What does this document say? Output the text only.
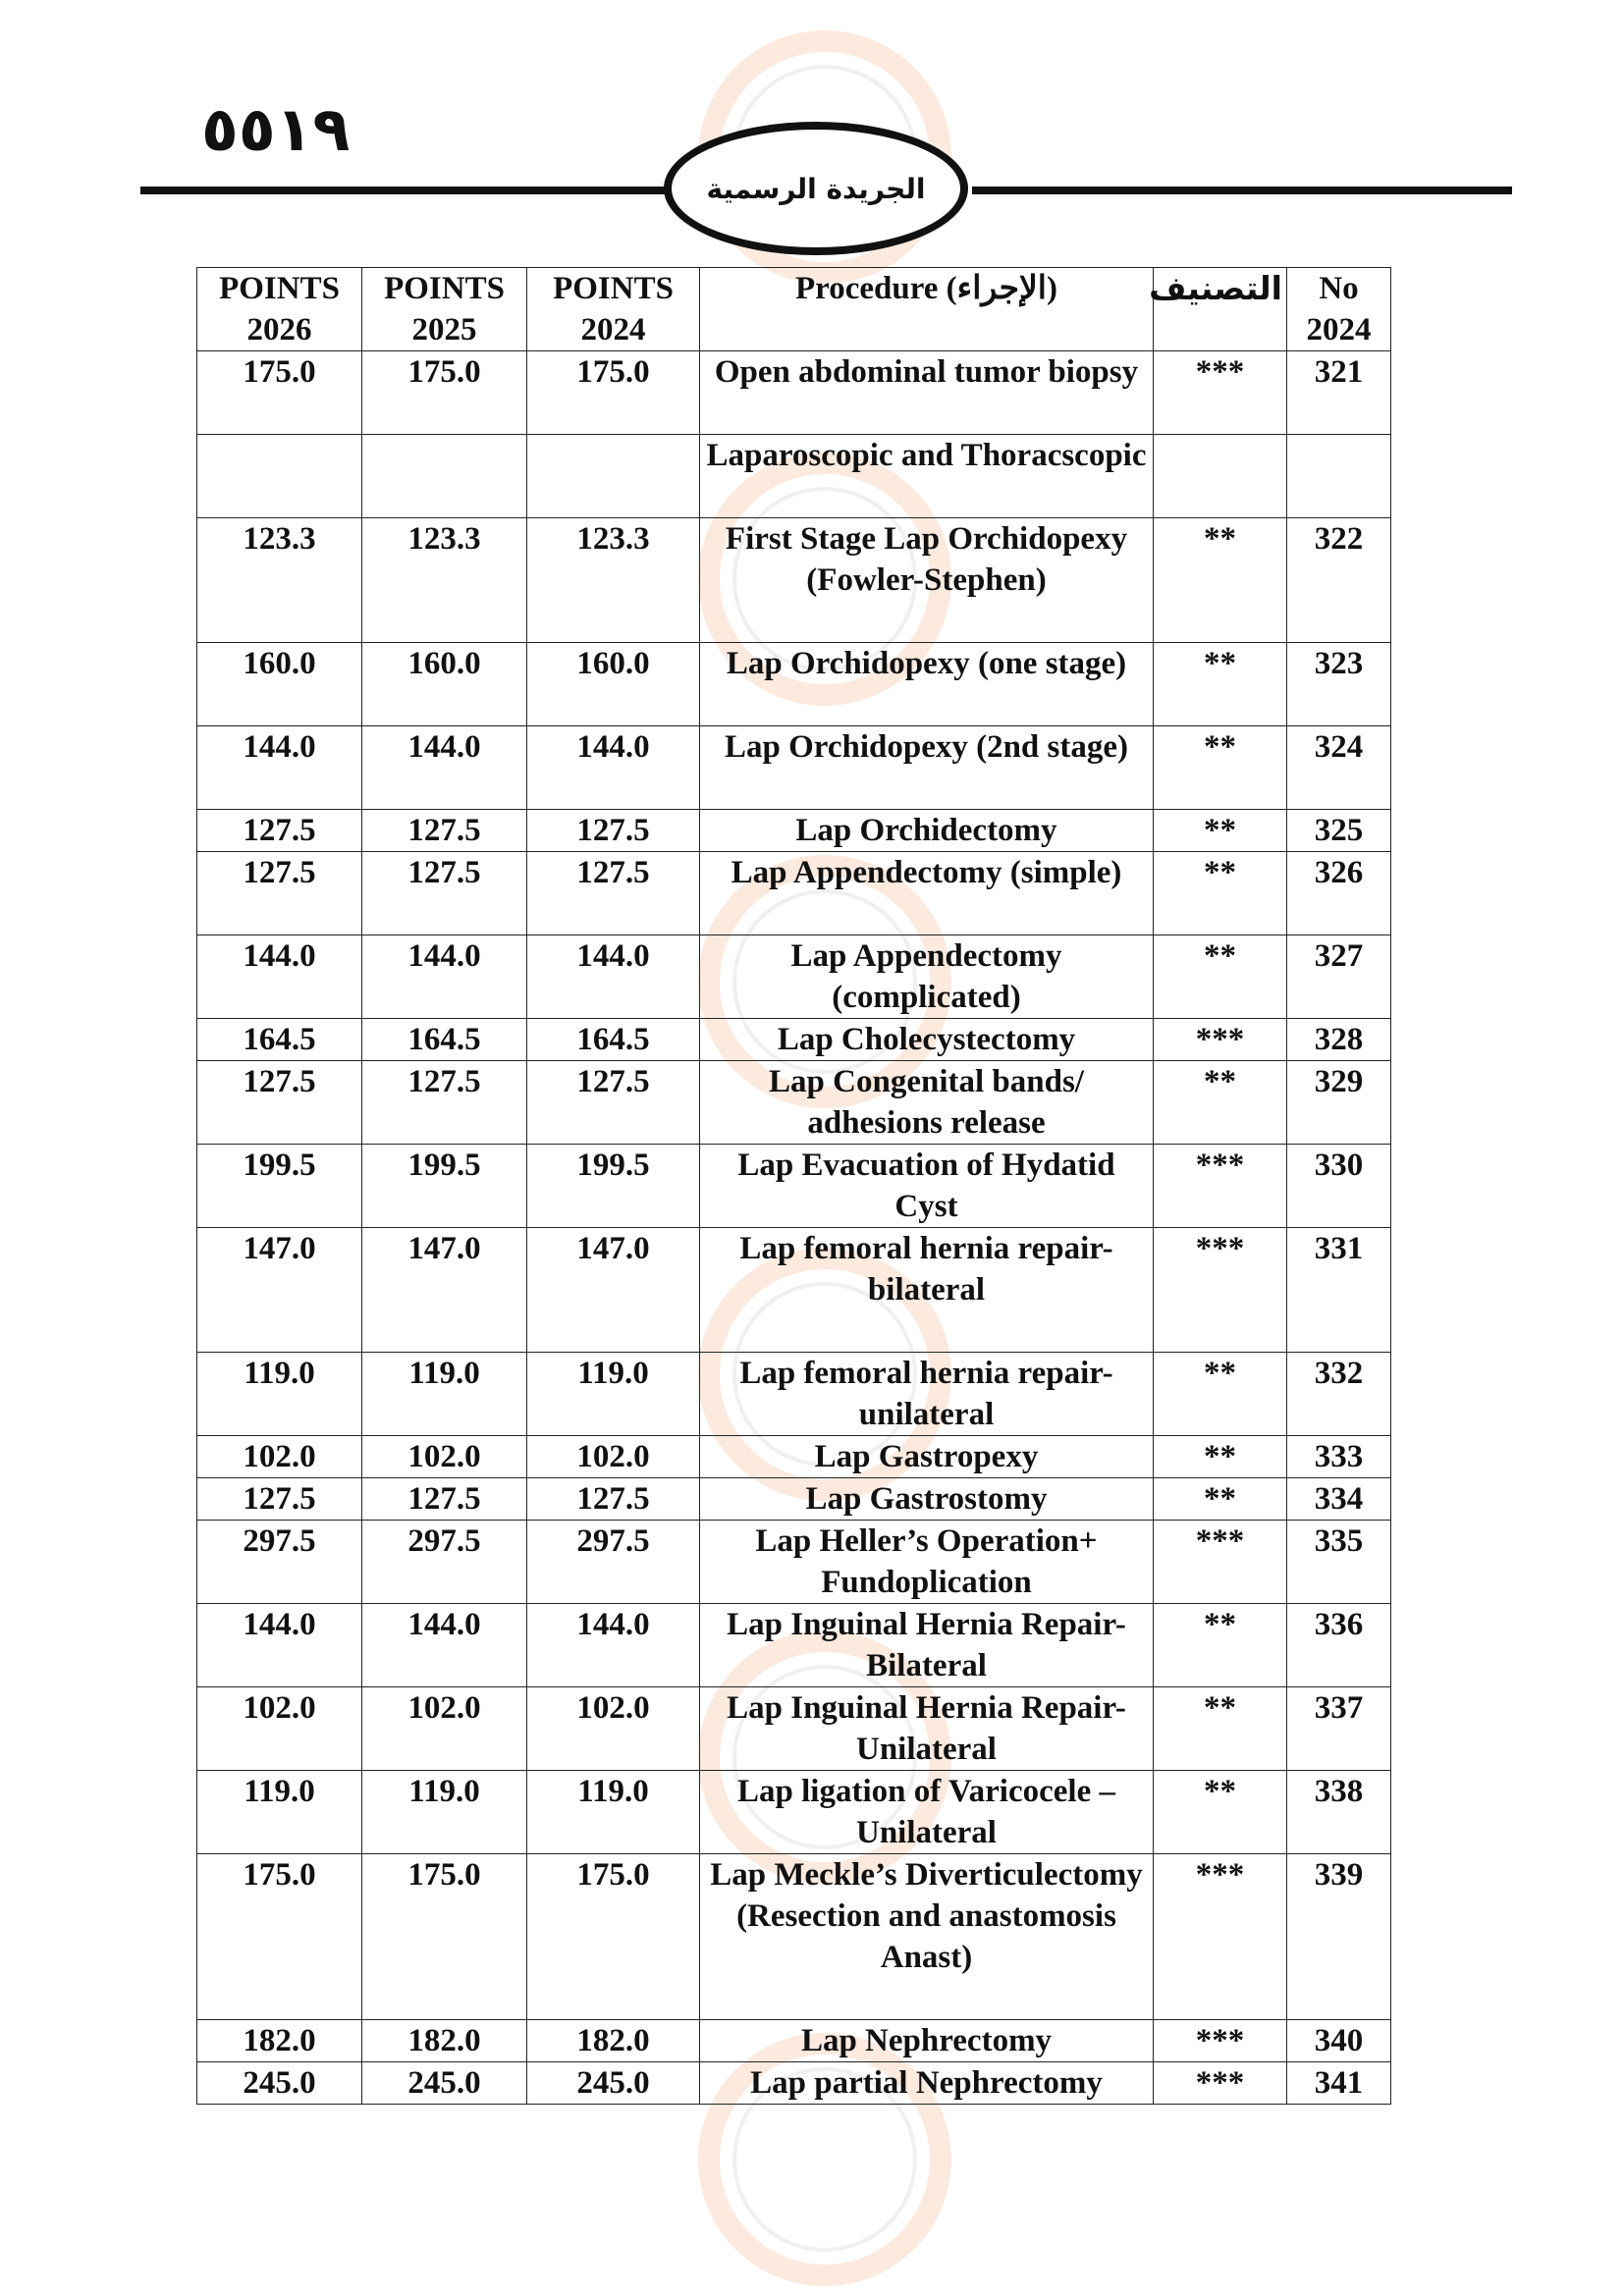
٥٥١٩
الجريدة الرسمية
POINTS 2026	POINTS 2025	POINTS 2024	Procedure (الإجراء)	التصنيف	No 2024
175.0	175.0	175.0	Open abdominal tumor biopsy	***	321
			Laparoscopic and Thoracscopic		
123.3	123.3	123.3	First Stage Lap Orchidopexy (Fowler-Stephen)	**	322
160.0	160.0	160.0	Lap Orchidopexy (one stage)	**	323
144.0	144.0	144.0	Lap Orchidopexy (2nd stage)	**	324
127.5	127.5	127.5	Lap Orchidectomy	**	325
127.5	127.5	127.5	Lap Appendectomy (simple)	**	326
144.0	144.0	144.0	Lap Appendectomy (complicated)	**	327
164.5	164.5	164.5	Lap Cholecystectomy	***	328
127.5	127.5	127.5	Lap Congenital bands/ adhesions release	**	329
199.5	199.5	199.5	Lap Evacuation of Hydatid Cyst	***	330
147.0	147.0	147.0	Lap femoral hernia repair-bilateral	***	331
119.0	119.0	119.0	Lap femoral hernia repair-unilateral	**	332
102.0	102.0	102.0	Lap Gastropexy	**	333
127.5	127.5	127.5	Lap Gastrostomy	**	334
297.5	297.5	297.5	Lap Heller’s Operation+ Fundoplication	***	335
144.0	144.0	144.0	Lap Inguinal Hernia Repair- Bilateral	**	336
102.0	102.0	102.0	Lap Inguinal Hernia Repair- Unilateral	**	337
119.0	119.0	119.0	Lap ligation of Varicocele – Unilateral	**	338
175.0	175.0	175.0	Lap Meckle’s Diverticulectomy (Resection and anastomosis Anast)	***	339
182.0	182.0	182.0	Lap Nephrectomy	***	340
245.0	245.0	245.0	Lap partial Nephrectomy	***	341
